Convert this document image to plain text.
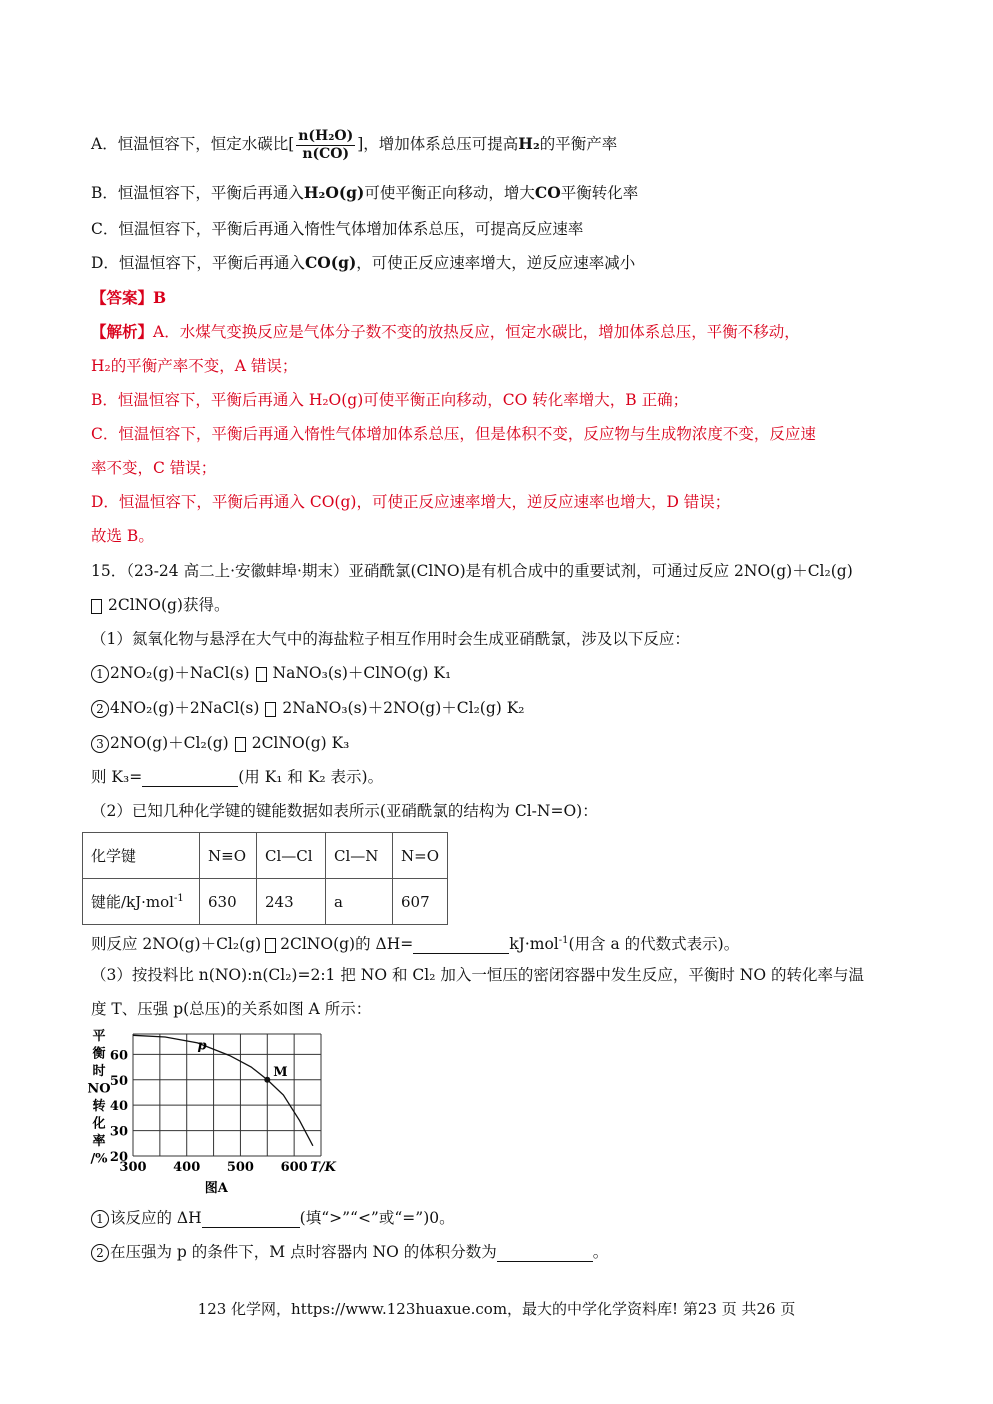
A．恒温恒容下，恒定水碳比[ $\frac{\text{n(H₂O)}}{n(CO)}$ ]，增加体系总压可提高H₂的平衡产率
B．恒温恒容下，平衡后再通入H₂O(g)可使平衡正向移动，增大CO平衡转化率
C．恒温恒容下，平衡后再通入惰性气体增加体系总压，可提高反应速率
D．恒温恒容下，平衡后再通入CO(g)，可使正反应速率增大，逆反应速率减小
【答案】B
【解析】A．水煤气变换反应是气体分子数不变的放热反应，恒定水碳比，增加体系总压，平衡不移动，
H₂的平衡产率不变，A 错误；
B．恒温恒容下，平衡后再通入 H₂O(g)可使平衡正向移动，CO 转化率增大，B 正确；
C．恒温恒容下，平衡后再通入惰性气体增加体系总压，但是体积不变，反应物与生成物浓度不变，反应速
率不变，C 错误；
D．恒温恒容下，平衡后再通入 CO(g)，可使正反应速率增大，逆反应速率也增大，D 错误；
故选 B。
15．（23-24 高二上·安徽蚌埠·期末）亚硝酰氯(ClNO)是有机合成中的重要试剂，可通过反应 2NO(g)＋Cl₂(g)
2ClNO(g)获得。
（1）氮氧化物与悬浮在大气中的海盐粒子相互作用时会生成亚硝酰氯，涉及以下反应：
1 2NO₂(g)＋NaCl(s) NaNO₃(s)＋ClNO(g) K₁
2 4NO₂(g)＋2NaCl(s) 2NaNO₃(s)＋2NO(g)＋Cl₂(g) K₂
3 2NO(g)＋Cl₂(g) 2ClNO(g) K₃
则 K₃=	(用 K₁ 和 K₂ 表示)。
（2）已知几种化学键的键能数据如表所示(亚硝酰氯的结构为 Cl-N=O)：
化学键	N≡O	Cl—Cl	Cl—N	N=O
键能/kJ·mol$^{-1}$	630	243	a	607
则反应 2NO(g)＋Cl₂(g) 2ClNO(g)的 ΔH=	kJ·mol$^{-1}$(用含 a 的代数式表示)。
（3）按投料比 n(NO):n(Cl₂)=2:1 把 NO 和 Cl₂ 加入一恒压的密闭容器中发生反应，平衡时 NO 的转化率与温
度 T、压强 p(总压)的关系如图 A 所示：
平
衡
时
NO
转
化
率
/% 20
30
40
50
60
300 400 500 600
M
p
T/K
图A
1 该反应的 ΔH	(填“>”“<”或“=”)0。
2 在压强为 p 的条件下，M 点时容器内 NO 的体积分数为	。
123 化学网，https://www.123huaxue.com，最大的中学化学资料库! 第23 页 共26 页
